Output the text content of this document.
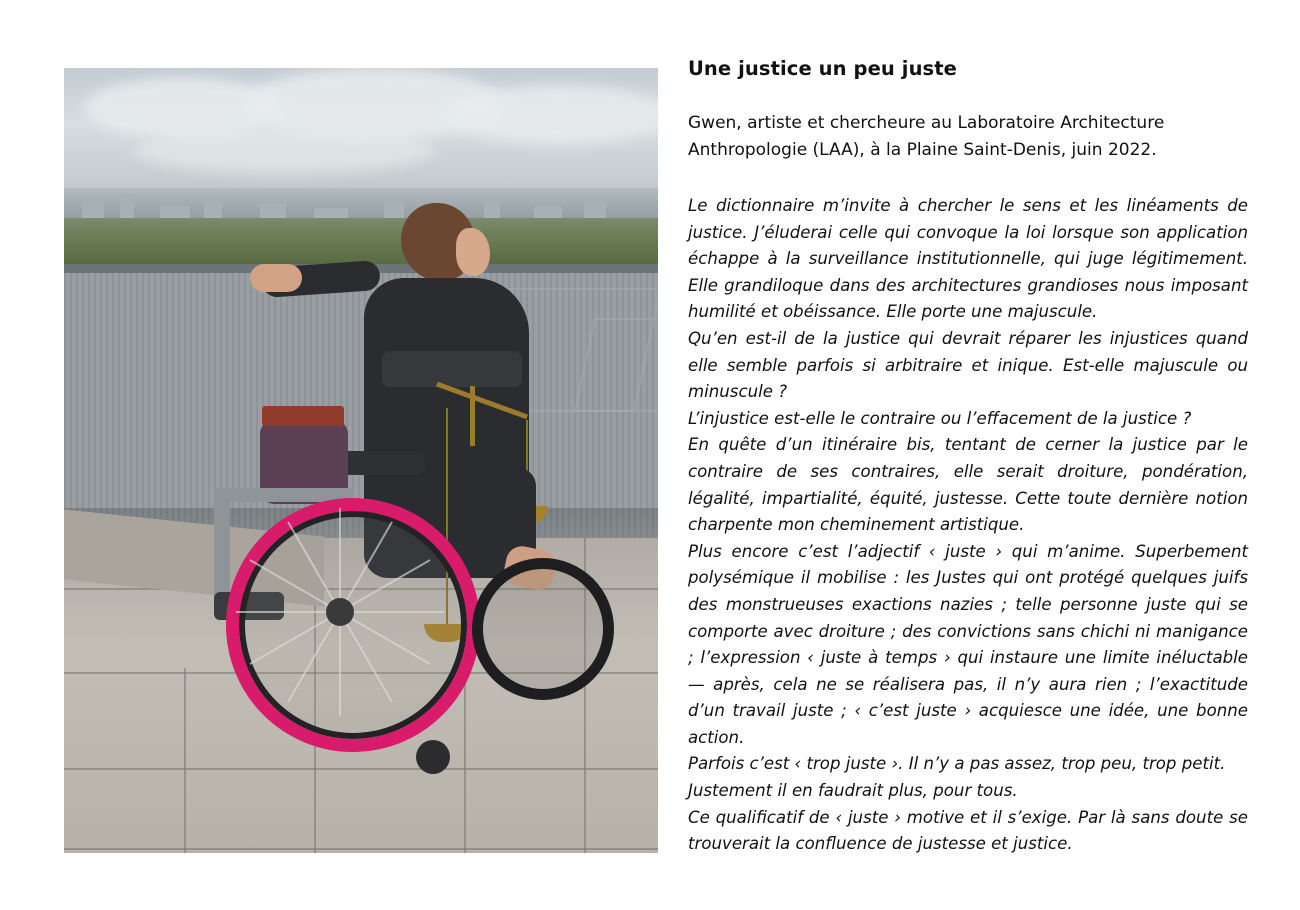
Une justice un peu juste
Gwen, artiste et chercheure au Laboratoire Architecture Anthropologie (LAA), à la Plaine Saint-Denis, juin 2022.

Le dictionnaire m’invite à chercher le sens et les linéaments de justice. J’éluderai celle qui convoque la loi lorsque son application échappe à la surveillance institutionnelle, qui juge légitimement. Elle grandiloque dans des architectures grandioses nous imposant humilité et obéissance. Elle porte une majuscule.

Qu’en est-il de la justice qui devrait réparer les injustices quand elle semble parfois si arbitraire et inique. Est-elle majuscule ou minuscule ?

L’injustice est-elle le contraire ou l’effacement de la justice ?

En quête d’un itinéraire bis, tentant de cerner la justice par le contraire de ses contraires, elle serait droiture, pondération, légalité, impartialité, équité, justesse. Cette toute dernière notion charpente mon cheminement artistique.

Plus encore c’est l’adjectif ‹ juste › qui m’anime. Superbement polysémique il mobilise : les Justes qui ont protégé quelques juifs des monstrueuses exactions nazies ; telle personne juste qui se comporte avec droiture ; des convictions sans chichi ni manigance ; l’expression ‹ juste à temps › qui instaure une limite inéluctable — après, cela ne se réalisera pas, il n’y aura rien ; l’exactitude d’un travail juste ; ‹ c’est juste › acquiesce une idée, une bonne action.

Parfois c’est ‹ trop juste ›. Il n’y a pas assez, trop peu, trop petit.

Justement il en faudrait plus, pour tous.

Ce qualificatif de ‹ juste › motive et il s’exige. Par là sans doute se trouverait la confluence de justesse et justice.
